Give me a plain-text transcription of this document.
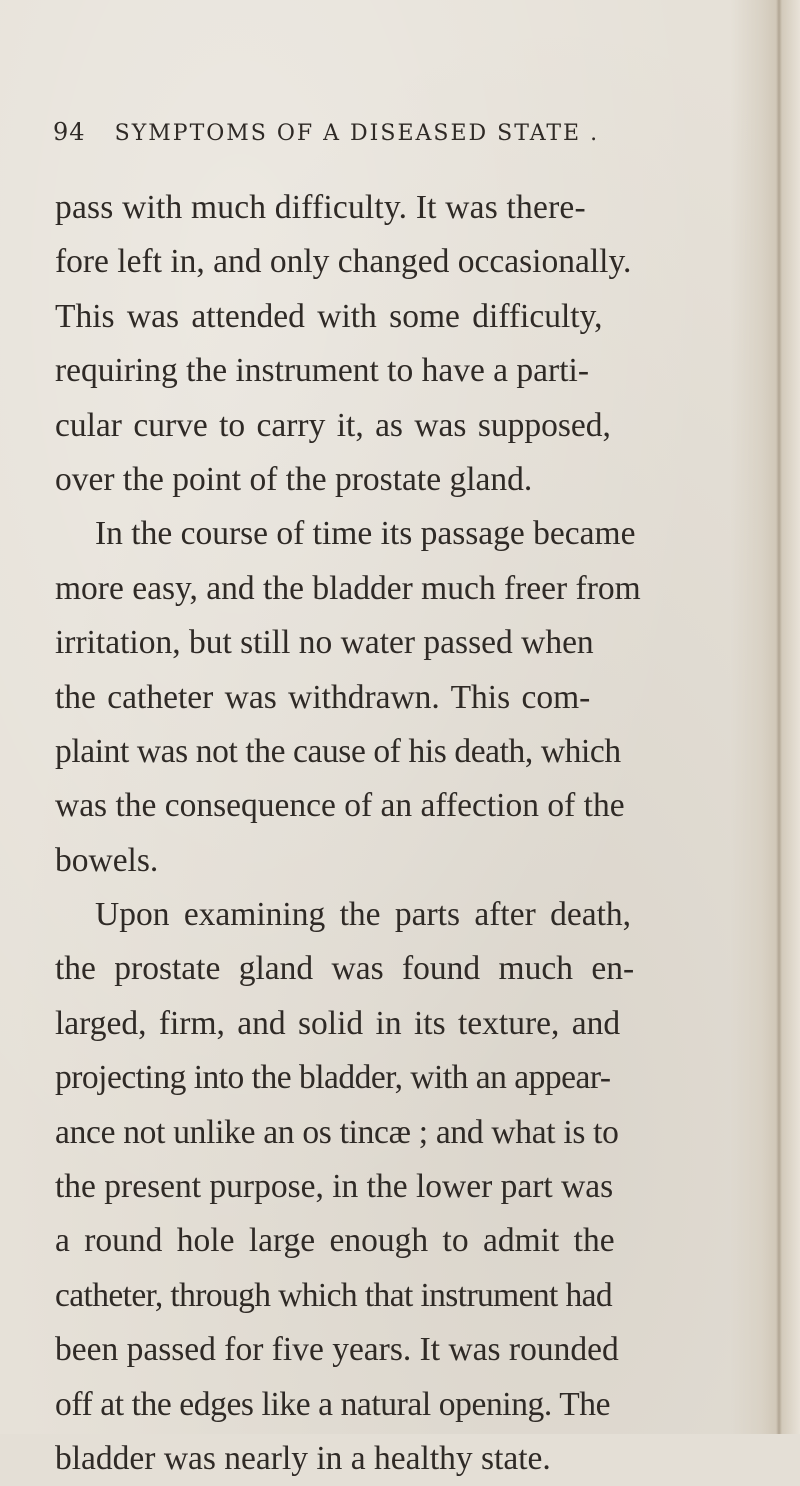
94 SYMPTOMS OF A DISEASED STATE .
pass with much difficulty. It was there-
fore left in, and only changed occasionally.
This was attended with some difficulty,
requiring the instrument to have a parti-
cular curve to carry it, as was supposed,
over the point of the prostate gland.
In the course of time its passage became
more easy, and the bladder much freer from
irritation, but still no water passed when
the catheter was withdrawn. This com-
plaint was not the cause of his death, which
was the consequence of an affection of the
bowels.
Upon examining the parts after death,
the prostate gland was found much en-
larged, firm, and solid in its texture, and
projecting into the bladder, with an appear-
ance not unlike an os tincæ ; and what is to
the present purpose, in the lower part was
a round hole large enough to admit the
catheter, through which that instrument had
been passed for five years. It was rounded
off at the edges like a natural opening. The
bladder was nearly in a healthy state.
